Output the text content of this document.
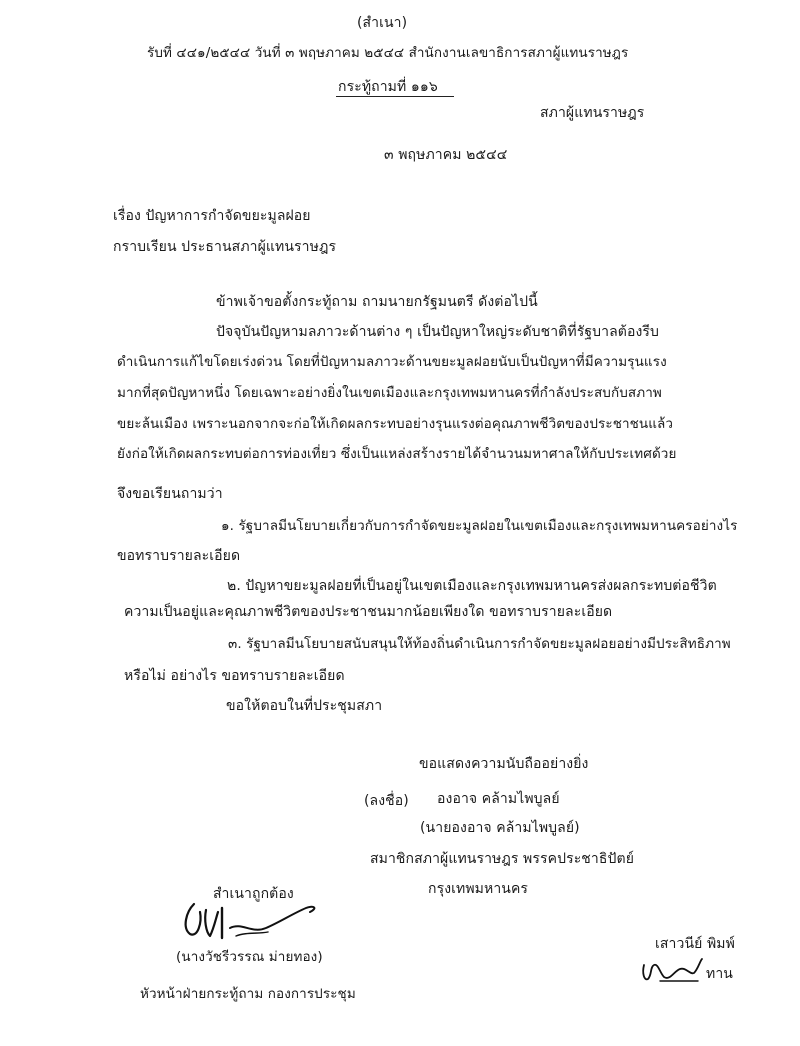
(สำเนา)
รับที่ ๔๔๑/๒๕๔๔ วันที่ ๓ พฤษภาคม ๒๕๔๔ สำนักงานเลขาธิการสภาผู้แทนราษฎร
กระทู้ถามที่ ๑๑๖
สภาผู้แทนราษฎร
๓ พฤษภาคม ๒๕๔๔
เรื่อง ปัญหาการกำจัดขยะมูลฝอย
กราบเรียน ประธานสภาผู้แทนราษฎร
ข้าพเจ้าขอตั้งกระทู้ถาม ถามนายกรัฐมนตรี ดังต่อไปนี้
ปัจจุบันปัญหามลภาวะด้านต่าง ๆ เป็นปัญหาใหญ่ระดับชาติที่รัฐบาลต้องรีบ
ดำเนินการแก้ไขโดยเร่งด่วน โดยที่ปัญหามลภาวะด้านขยะมูลฝอยนับเป็นปัญหาที่มีความรุนแรง
มากที่สุดปัญหาหนึ่ง โดยเฉพาะอย่างยิ่งในเขตเมืองและกรุงเทพมหานครที่กำลังประสบกับสภาพ
ขยะล้นเมือง เพราะนอกจากจะก่อให้เกิดผลกระทบอย่างรุนแรงต่อคุณภาพชีวิตของประชาชนแล้ว
ยังก่อให้เกิดผลกระทบต่อการท่องเที่ยว ซึ่งเป็นแหล่งสร้างรายได้จำนวนมหาศาลให้กับประเทศด้วย
จึงขอเรียนถามว่า
๑. รัฐบาลมีนโยบายเกี่ยวกับการกำจัดขยะมูลฝอยในเขตเมืองและกรุงเทพมหานครอย่างไร
ขอทราบรายละเอียด
๒. ปัญหาขยะมูลฝอยที่เป็นอยู่ในเขตเมืองและกรุงเทพมหานครส่งผลกระทบต่อชีวิต
ความเป็นอยู่และคุณภาพชีวิตของประชาชนมากน้อยเพียงใด ขอทราบรายละเอียด
๓. รัฐบาลมีนโยบายสนับสนุนให้ท้องถิ่นดำเนินการกำจัดขยะมูลฝอยอย่างมีประสิทธิภาพ
หรือไม่ อย่างไร ขอทราบรายละเอียด
ขอให้ตอบในที่ประชุมสภา
ขอแสดงความนับถืออย่างยิ่ง
(ลงชื่อ) องอาจ คล้ามไพบูลย์
(นายองอาจ คล้ามไพบูลย์)
สมาชิกสภาผู้แทนราษฎร พรรคประชาธิปัตย์
กรุงเทพมหานคร
สำเนาถูกต้อง
(นางวัชรีวรรณ ม่ายทอง)
หัวหน้าฝ่ายกระทู้ถาม กองการประชุม
เสาวนีย์ พิมพ์
ทาน
